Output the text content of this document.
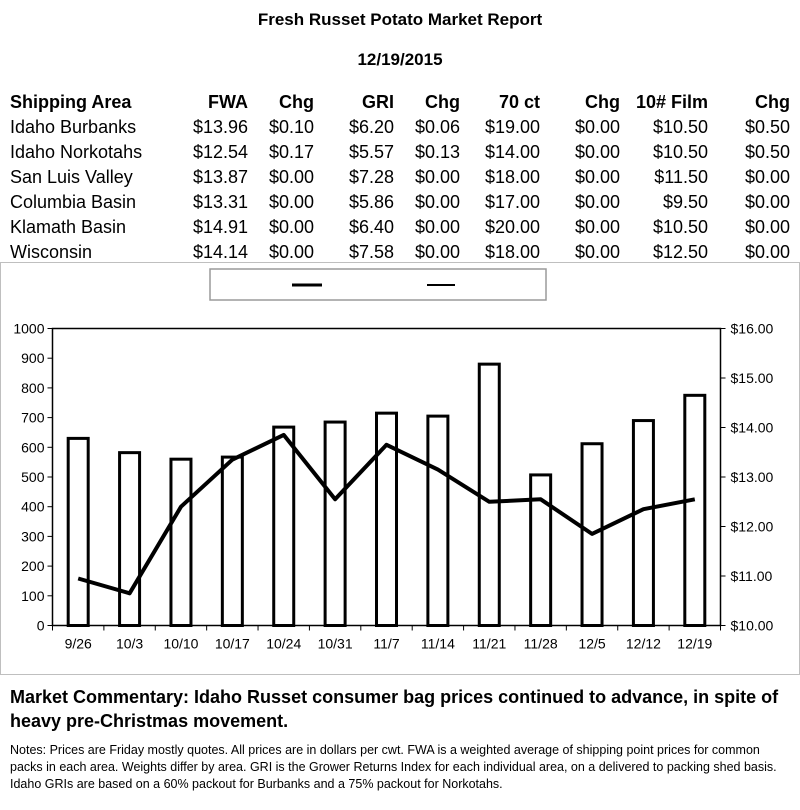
Fresh Russet Potato Market Report
12/19/2015
Shipping Area	FWA	Chg	GRI	Chg	70 ct	Chg	10# Film	Chg
Idaho Burbanks	$13.96	$0.10	$6.20	$0.06	$19.00	$0.00	$10.50	$0.50
Idaho Norkotahs	$12.54	$0.17	$5.57	$0.13	$14.00	$0.00	$10.50	$0.50
San Luis Valley	$13.87	$0.00	$7.28	$0.00	$18.00	$0.00	$11.50	$0.00
Columbia Basin	$13.31	$0.00	$5.86	$0.00	$17.00	$0.00	$9.50	$0.00
Klamath Basin	$14.91	$0.00	$6.40	$0.00	$20.00	$0.00	$10.50	$0.00
Wisconsin	$14.14	$0.00	$7.58	$0.00	$18.00	$0.00	$12.50	$0.00
0
100
200
300
400
500
600
700
800
900
1000
$10.00
$11.00
$12.00
$13.00
$14.00
$15.00
$16.00
9/26 10/3 10/10 10/17 10/24 10/31 11/7 11/14 11/21 11/28 12/5 12/12 12/19
Market Commentary: Idaho Russet consumer bag prices continued to advance, in spite of heavy pre-Christmas movement.
Notes: Prices are Friday mostly quotes. All prices are in dollars per cwt. FWA is a weighted average of shipping point prices for common packs in each area. Weights differ by area. GRI is the Grower Returns Index for each individual area, on a delivered to packing shed basis. Idaho GRIs are based on a 60% packout for Burbanks and a 75% packout for Norkotahs.
